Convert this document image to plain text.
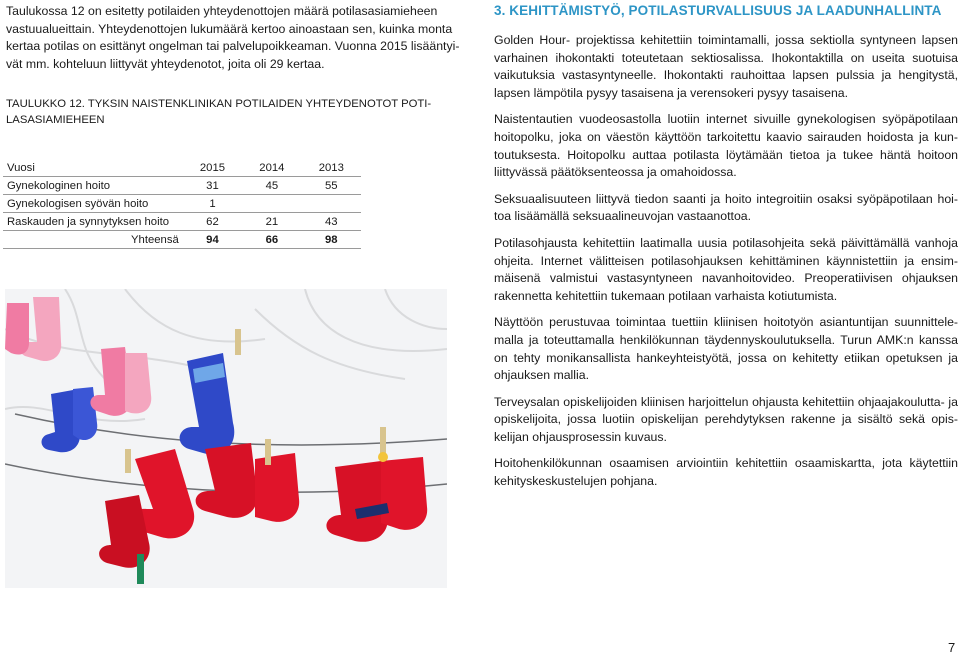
Taulukossa 12 on esitetty potilaiden yhteydenottojen määrä potilasasiamieheen

vastuualueittain. Yhteydenottojen lukumäärä kertoo ainoastaan sen, kuinka monta

kertaa potilas on esittänyt ongelman tai palvelupoikkeaman. Vuonna 2015 lisääntyi-

vät mm. kohteluun liittyvät yhteydenotot, joita oli 29 kertaa.

TAULUKKO 12. TYKSIN NAISTENKLINIKAN POTILAIDEN YHTEYDENOTOT POTI-

LASASIAMIEHEEN

Vuosi	2015	2014	2013
Gynekologinen hoito	31	45	55
Gynekologisen syövän hoito	1		
Raskauden ja synnytyksen hoito	62	21	43
Yhteensä	94	66	98
3. KEHITTÄMISTYÖ, POTILASTURVALLISUUS JA LAADUNHALLINTA

Golden Hour- projektissa kehitettiin toimintamalli, jossa sektiolla syntyneen lapsen varhainen ihokontakti toteutetaan sektiosalissa. Ihokontaktilla on useita suotuisa vaikutuksia vastasyntyneelle. Ihokontakti rauhoittaa lapsen pulssia ja hengitystä, lapsen lämpötila pysyy tasaisena ja verensokeri pysyy tasaisena.

Naistentautien vuodeosastolla luotiin internet sivuille gynekologisen syöpäpotilaan hoitopolku, joka on väestön käyttöön tarkoitettu kaavio sairauden hoidosta ja kun- toutuksesta. Hoitopolku auttaa potilasta löytämään tietoa ja tukee häntä hoitoon liittyvässä päätöksenteossa ja omahoidossa.

Seksuaalisuuteen liittyvä tiedon saanti ja hoito integroitiin osaksi syöpäpotilaan hoi- toa lisäämällä seksuaalineuvojan vastaanottoa.

Potilasohjausta kehitettiin laatimalla uusia potilasohjeita sekä päivittämällä vanhoja ohjeita. Internet välitteisen potilasohjauksen kehittäminen käynnistettiin ja ensim- mäisenä valmistui vastasyntyneen navanhoitovideo. Preoperatiivisen ohjauksen rakennetta kehitettiin tukemaan potilaan varhaista kotiutumista.

Näyttöön perustuvaa toimintaa tuettiin kliinisen hoitotyön asiantuntijan suunnittele- malla ja toteuttamalla henkilökunnan täydennyskoulutuksella. Turun AMK:n kanssa on tehty monikansallista hankeyhteistyötä, jossa on kehitetty etiikan opetuksen ja ohjauksen mallia.

Terveysalan opiskelijoiden kliinisen harjoittelun ohjausta kehitettiin ohjaajakoulutta- ja opiskelijoita, jossa luotiin opiskelijan perehdytyksen rakenne ja sisältö sekä opis- kelijan ohjausprosessin kuvaus.

Hoitohenkilökunnan osaamisen arviointiin kehitettiin osaamiskartta, jota käytettiin kehityskeskustelujen pohjana.

7
